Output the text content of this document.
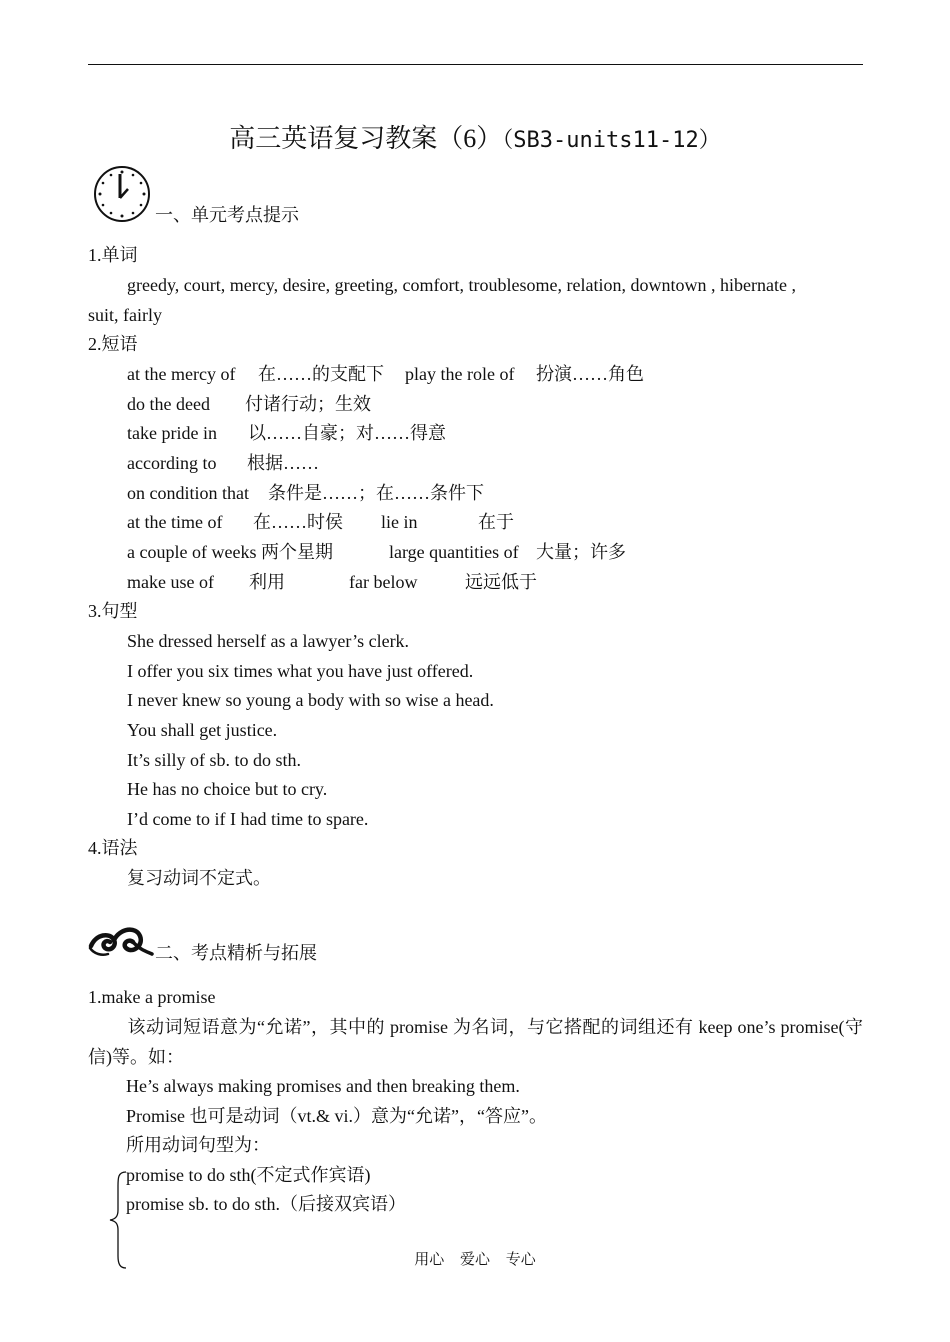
高三英语复习教案（6）（SB3-units11-12）
一、单元考点提示
1.单词
greedy, court, mercy, desire, greeting, comfort, troublesome, relation, downtown , hibernate ,
suit, fairly
2.短语
at the mercy of 在……的支配下 play the role of 扮演……角色
do the deed 付诸行动；生效
take pride in 以……自豪；对……得意
according to 根据……
on condition that 条件是……；在……条件下
at the time of 在……时侯 lie in	在于
a couple of weeks 两个星期	large quantities of 大量；许多
make use of 利用	far below	远远低于
3.句型
She dressed herself as a lawyer’s clerk.
I offer you six times what you have just offered.
I never knew so young a body with so wise a head.
You shall get justice.
It’s silly of sb. to do sth.
He has no choice but to cry.
I’d come to if I had time to spare.
4.语法
复习动词不定式。
二、考点精析与拓展
1.make a promise
该动词短语意为“允诺”，其中的 promise 为名词，与它搭配的词组还有 keep one’s promise(守信)等。如：
He’s always making promises and then breaking them.
Promise 也可是动词（vt.& vi.）意为“允诺”，“答应”。
所用动词句型为：
promise to do sth(不定式作宾语)
promise sb. to do sth.（后接双宾语）
用心 爱心 专心
